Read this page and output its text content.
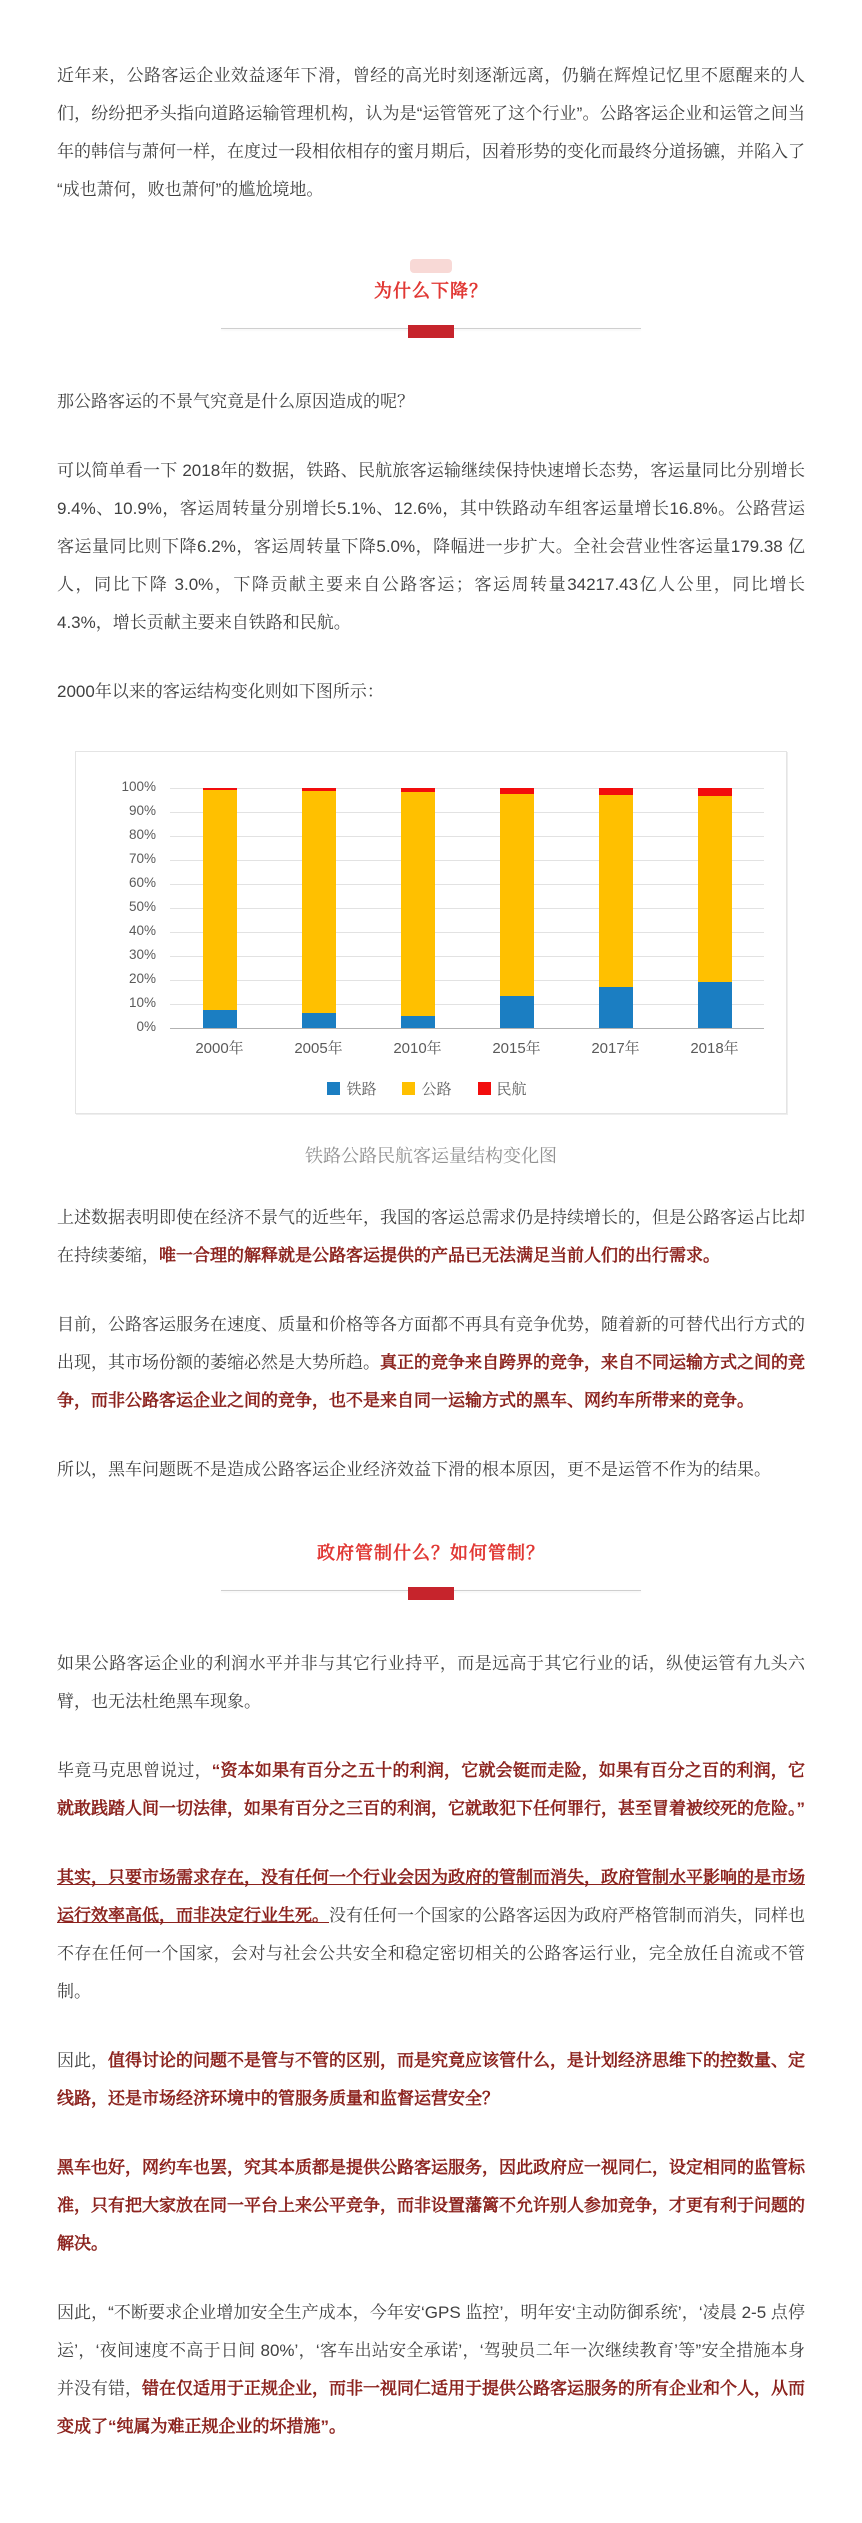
近年来，公路客运企业效益逐年下滑，曾经的高光时刻逐渐远离，仍躺在辉煌记忆里不愿醒来的人们，纷纷把矛头指向道路运输管理机构，认为是“运管管死了这个行业”。公路客运企业和运管之间当年的韩信与萧何一样，在度过一段相依相存的蜜月期后，因着形势的变化而最终分道扬镳，并陷入了“成也萧何，败也萧何”的尴尬境地。

为什么下降？

那公路客运的不景气究竟是什么原因造成的呢？

可以简单看一下 2018年的数据，铁路、民航旅客运输继续保持快速增长态势，客运量同比分别增长9.4%、10.9%，客运周转量分别增长5.1%、12.6%，其中铁路动车组客运量增长16.8%。公路营运客运量同比则下降6.2%，客运周转量下降5.0%，降幅进一步扩大。全社会营业性客运量179.38 亿人，同比下降 3.0%，下降贡献主要来自公路客运；客运周转量34217.43亿人公里，同比增长4.3%，增长贡献主要来自铁路和民航。

2000年以来的客运结构变化则如下图所示：

100%
90%
80%
70%
60%
50%
40%
30%
20%
10%
0%
2000年	2005年	2010年	2015年	2017年	2018年
铁路	公路	民航
铁路公路民航客运量结构变化图

上述数据表明即使在经济不景气的近些年，我国的客运总需求仍是持续增长的，但是公路客运占比却在持续萎缩，唯一合理的解释就是公路客运提供的产品已无法满足当前人们的出行需求。

目前，公路客运服务在速度、质量和价格等各方面都不再具有竞争优势，随着新的可替代出行方式的出现，其市场份额的萎缩必然是大势所趋。真正的竞争来自跨界的竞争，来自不同运输方式之间的竞争，而非公路客运企业之间的竞争，也不是来自同一运输方式的黑车、网约车所带来的竞争。

所以，黑车问题既不是造成公路客运企业经济效益下滑的根本原因，更不是运管不作为的结果。

政府管制什么？如何管制？

如果公路客运企业的利润水平并非与其它行业持平，而是远高于其它行业的话，纵使运管有九头六臂，也无法杜绝黑车现象。

毕竟马克思曾说过，“资本如果有百分之五十的利润，它就会铤而走险，如果有百分之百的利润，它就敢践踏人间一切法律，如果有百分之三百的利润，它就敢犯下任何罪行，甚至冒着被绞死的危险。”

其实，只要市场需求存在，没有任何一个行业会因为政府的管制而消失，政府管制水平影响的是市场运行效率高低，而非决定行业生死。没有任何一个国家的公路客运因为政府严格管制而消失，同样也不存在任何一个国家，会对与社会公共安全和稳定密切相关的公路客运行业，完全放任自流或不管制。

因此，值得讨论的问题不是管与不管的区别，而是究竟应该管什么，是计划经济思维下的控数量、定线路，还是市场经济环境中的管服务质量和监督运营安全？

黑车也好，网约车也罢，究其本质都是提供公路客运服务，因此政府应一视同仁，设定相同的监管标准，只有把大家放在同一平台上来公平竞争，而非设置藩篱不允许别人参加竞争，才更有利于问题的解决。

因此，“不断要求企业增加安全生产成本，今年安‘GPS 监控’，明年安‘主动防御系统’，‘凌晨 2-5 点停运’，‘夜间速度不高于日间 80%’，‘客车出站安全承诺’，‘驾驶员二年一次继续教育’等”安全措施本身并没有错，错在仅适用于正规企业，而非一视同仁适用于提供公路客运服务的所有企业和个人，从而变成了“纯属为难正规企业的坏措施”。
